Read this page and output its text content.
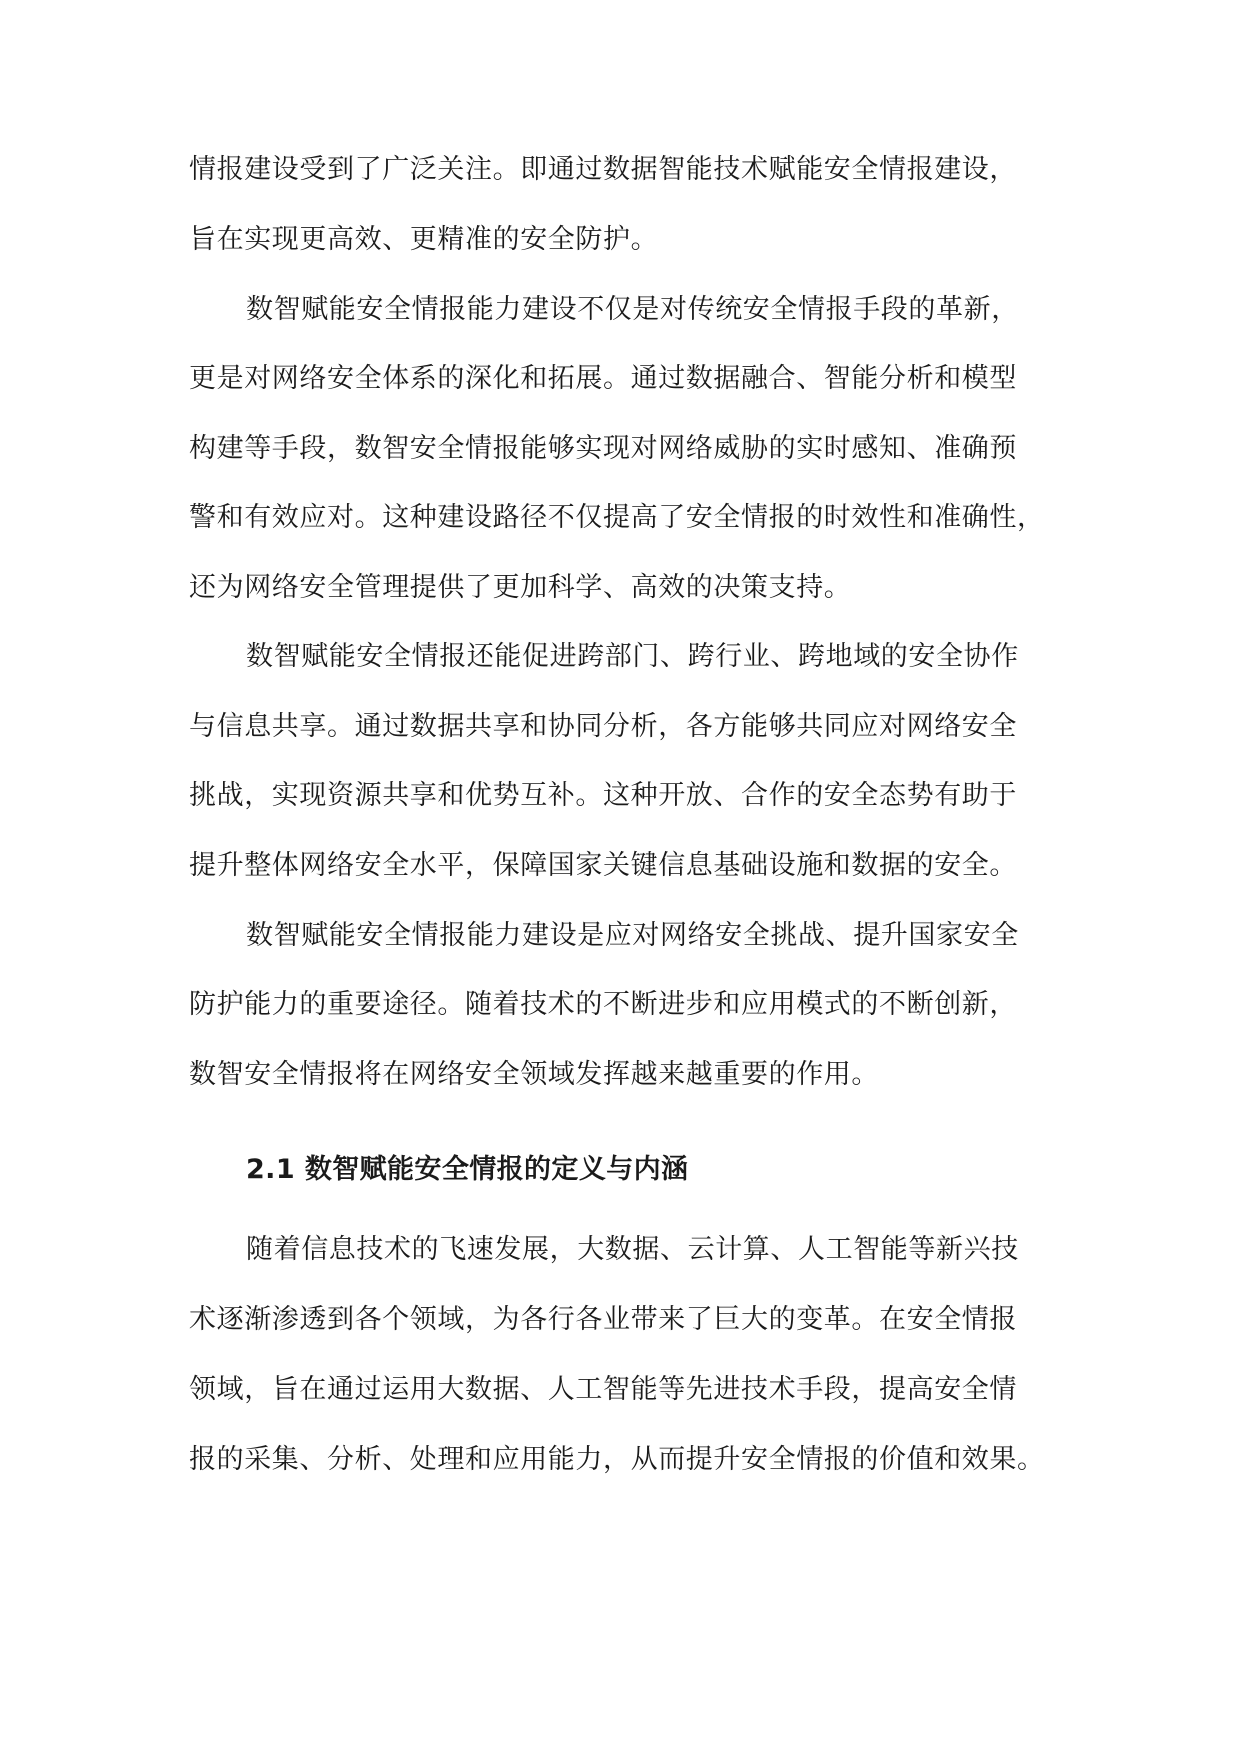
情报建设受到了广泛关注。即通过数据智能技术赋能安全情报建设，
旨在实现更高效、更精准的安全防护。
数智赋能安全情报能力建设不仅是对传统安全情报手段的革新，
更是对网络安全体系的深化和拓展。通过数据融合、智能分析和模型
构建等手段，数智安全情报能够实现对网络威胁的实时感知、准确预
警和有效应对。这种建设路径不仅提高了安全情报的时效性和准确性，
还为网络安全管理提供了更加科学、高效的决策支持。
数智赋能安全情报还能促进跨部门、跨行业、跨地域的安全协作
与信息共享。通过数据共享和协同分析，各方能够共同应对网络安全
挑战，实现资源共享和优势互补。这种开放、合作的安全态势有助于
提升整体网络安全水平，保障国家关键信息基础设施和数据的安全。
数智赋能安全情报能力建设是应对网络安全挑战、提升国家安全
防护能力的重要途径。随着技术的不断进步和应用模式的不断创新，
数智安全情报将在网络安全领域发挥越来越重要的作用。
2.1 数智赋能安全情报的定义与内涵
随着信息技术的飞速发展，大数据、云计算、人工智能等新兴技
术逐渐渗透到各个领域，为各行各业带来了巨大的变革。在安全情报
领域，旨在通过运用大数据、人工智能等先进技术手段，提高安全情
报的采集、分析、处理和应用能力，从而提升安全情报的价值和效果。
